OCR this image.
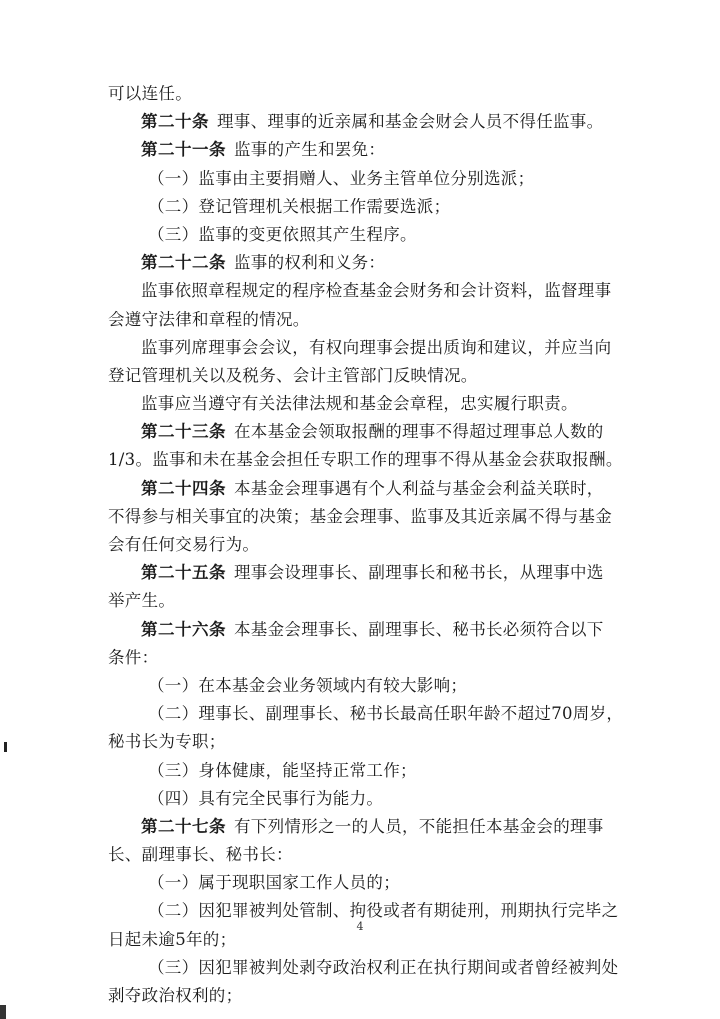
可以连任。
第二十条 理事、理事的近亲属和基金会财会人员不得任监事。
第二十一条 监事的产生和罢免：
（一）监事由主要捐赠人、业务主管单位分别选派；
（二）登记管理机关根据工作需要选派；
（三）监事的变更依照其产生程序。
第二十二条 监事的权利和义务：
监事依照章程规定的程序检查基金会财务和会计资料，监督理事
会遵守法律和章程的情况。
监事列席理事会会议，有权向理事会提出质询和建议，并应当向
登记管理机关以及税务、会计主管部门反映情况。
监事应当遵守有关法律法规和基金会章程，忠实履行职责。
第二十三条 在本基金会领取报酬的理事不得超过理事总人数的
1/3。监事和未在基金会担任专职工作的理事不得从基金会获取报酬。
第二十四条 本基金会理事遇有个人利益与基金会利益关联时，
不得参与相关事宜的决策；基金会理事、监事及其近亲属不得与基金
会有任何交易行为。
第二十五条 理事会设理事长、副理事长和秘书长，从理事中选
举产生。
第二十六条 本基金会理事长、副理事长、秘书长必须符合以下
条件：
（一）在本基金会业务领域内有较大影响；
（二）理事长、副理事长、秘书长最高任职年龄不超过70周岁，
秘书长为专职；
（三）身体健康，能坚持正常工作；
（四）具有完全民事行为能力。
第二十七条 有下列情形之一的人员，不能担任本基金会的理事
长、副理事长、秘书长：
（一）属于现职国家工作人员的；
（二）因犯罪被判处管制、拘役或者有期徒刑，刑期执行完毕之
日起未逾5年的；
（三）因犯罪被判处剥夺政治权利正在执行期间或者曾经被判处
剥夺政治权利的；
4
